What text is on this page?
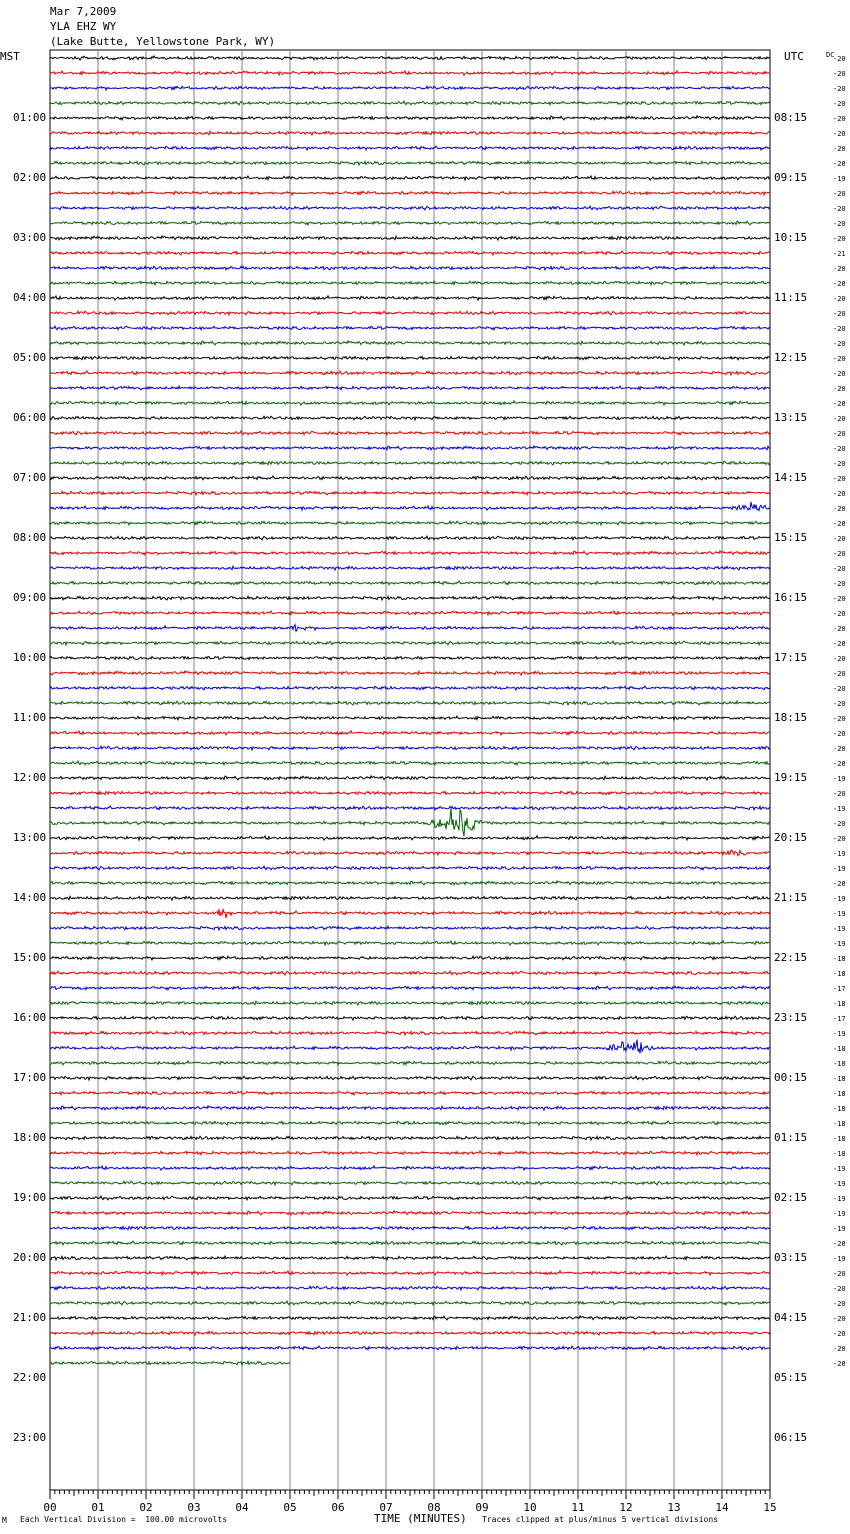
Mar 7,2009
YLA EHZ WY
(Lake Butte, Yellowstone Park, WY)
MST	UTC	DC
00	01	02	03	04	05	06	07	08	09	10	11	12	13	14	15
-20
-20
-20
-20
-20
-20
-20
-20
-19
-20
-20
-20
-20
-21
-20
-20
-20
-20
-20
-20
-20
-20
-20
-20
-20
-20
-20
-20
-20
-20
-20
-20
-20
-20
-20
-20
-20
-20
-20
-20
-20
-20
-20
-20
-20
-20
-20
-20
-19
-20
-19
-20
-20
-19
-19
-20
-19
-19
-19
-19
-18
-18
-17
-18
-17
-19
-18
-18
-18
-18
-18
-18
-18
-18
-19
-19
-19
-19
-19
-20
-19
-20
-20
-20
-20
-20
-20
-20
01:00
02:00
03:00
04:00
05:00
06:00
07:00
08:00
09:00
10:00
11:00
12:00
13:00
14:00
15:00
16:00
17:00
18:00
19:00
20:00
21:00
22:00
23:00
08:15
09:15
10:15
11:15
12:15
13:15
14:15
15:15
16:15
17:15
18:15
19:15
20:15
21:15
22:15
23:15
00:15
01:15
02:15
03:15
04:15
05:15
06:15
M Each Vertical Division =  100.00 microvolts	TIME (MINUTES) Traces clipped at plus/minus 5 vertical divisions
